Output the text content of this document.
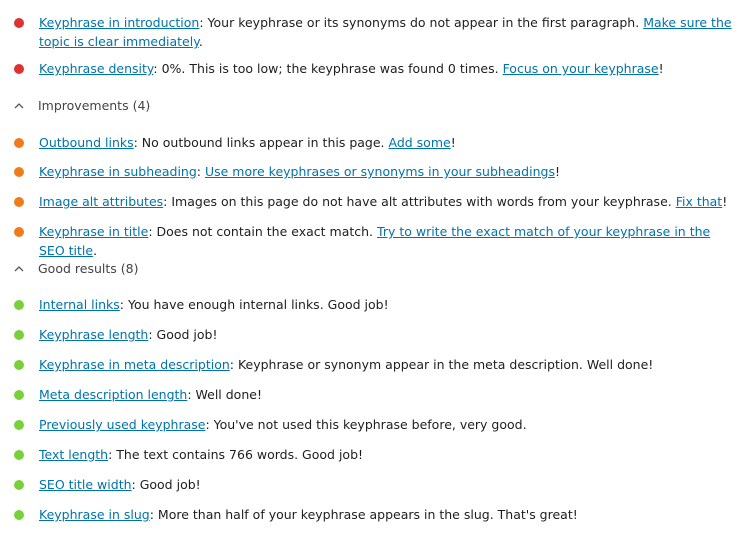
Keyphrase in introduction: Your keyphrase or its synonyms do not appear in the first paragraph. Make sure the topic is clear immediately.
Keyphrase density: 0%. This is too low; the keyphrase was found 0 times. Focus on your keyphrase!
Improvements (4)
Outbound links: No outbound links appear in this page. Add some!
Keyphrase in subheading: Use more keyphrases or synonyms in your subheadings!
Image alt attributes: Images on this page do not have alt attributes with words from your keyphrase. Fix that!
Keyphrase in title: Does not contain the exact match. Try to write the exact match of your keyphrase in the SEO title.
Good results (8)
Internal links: You have enough internal links. Good job!
Keyphrase length: Good job!
Keyphrase in meta description: Keyphrase or synonym appear in the meta description. Well done!
Meta description length: Well done!
Previously used keyphrase: You've not used this keyphrase before, very good.
Text length: The text contains 766 words. Good job!
SEO title width: Good job!
Keyphrase in slug: More than half of your keyphrase appears in the slug. That's great!
